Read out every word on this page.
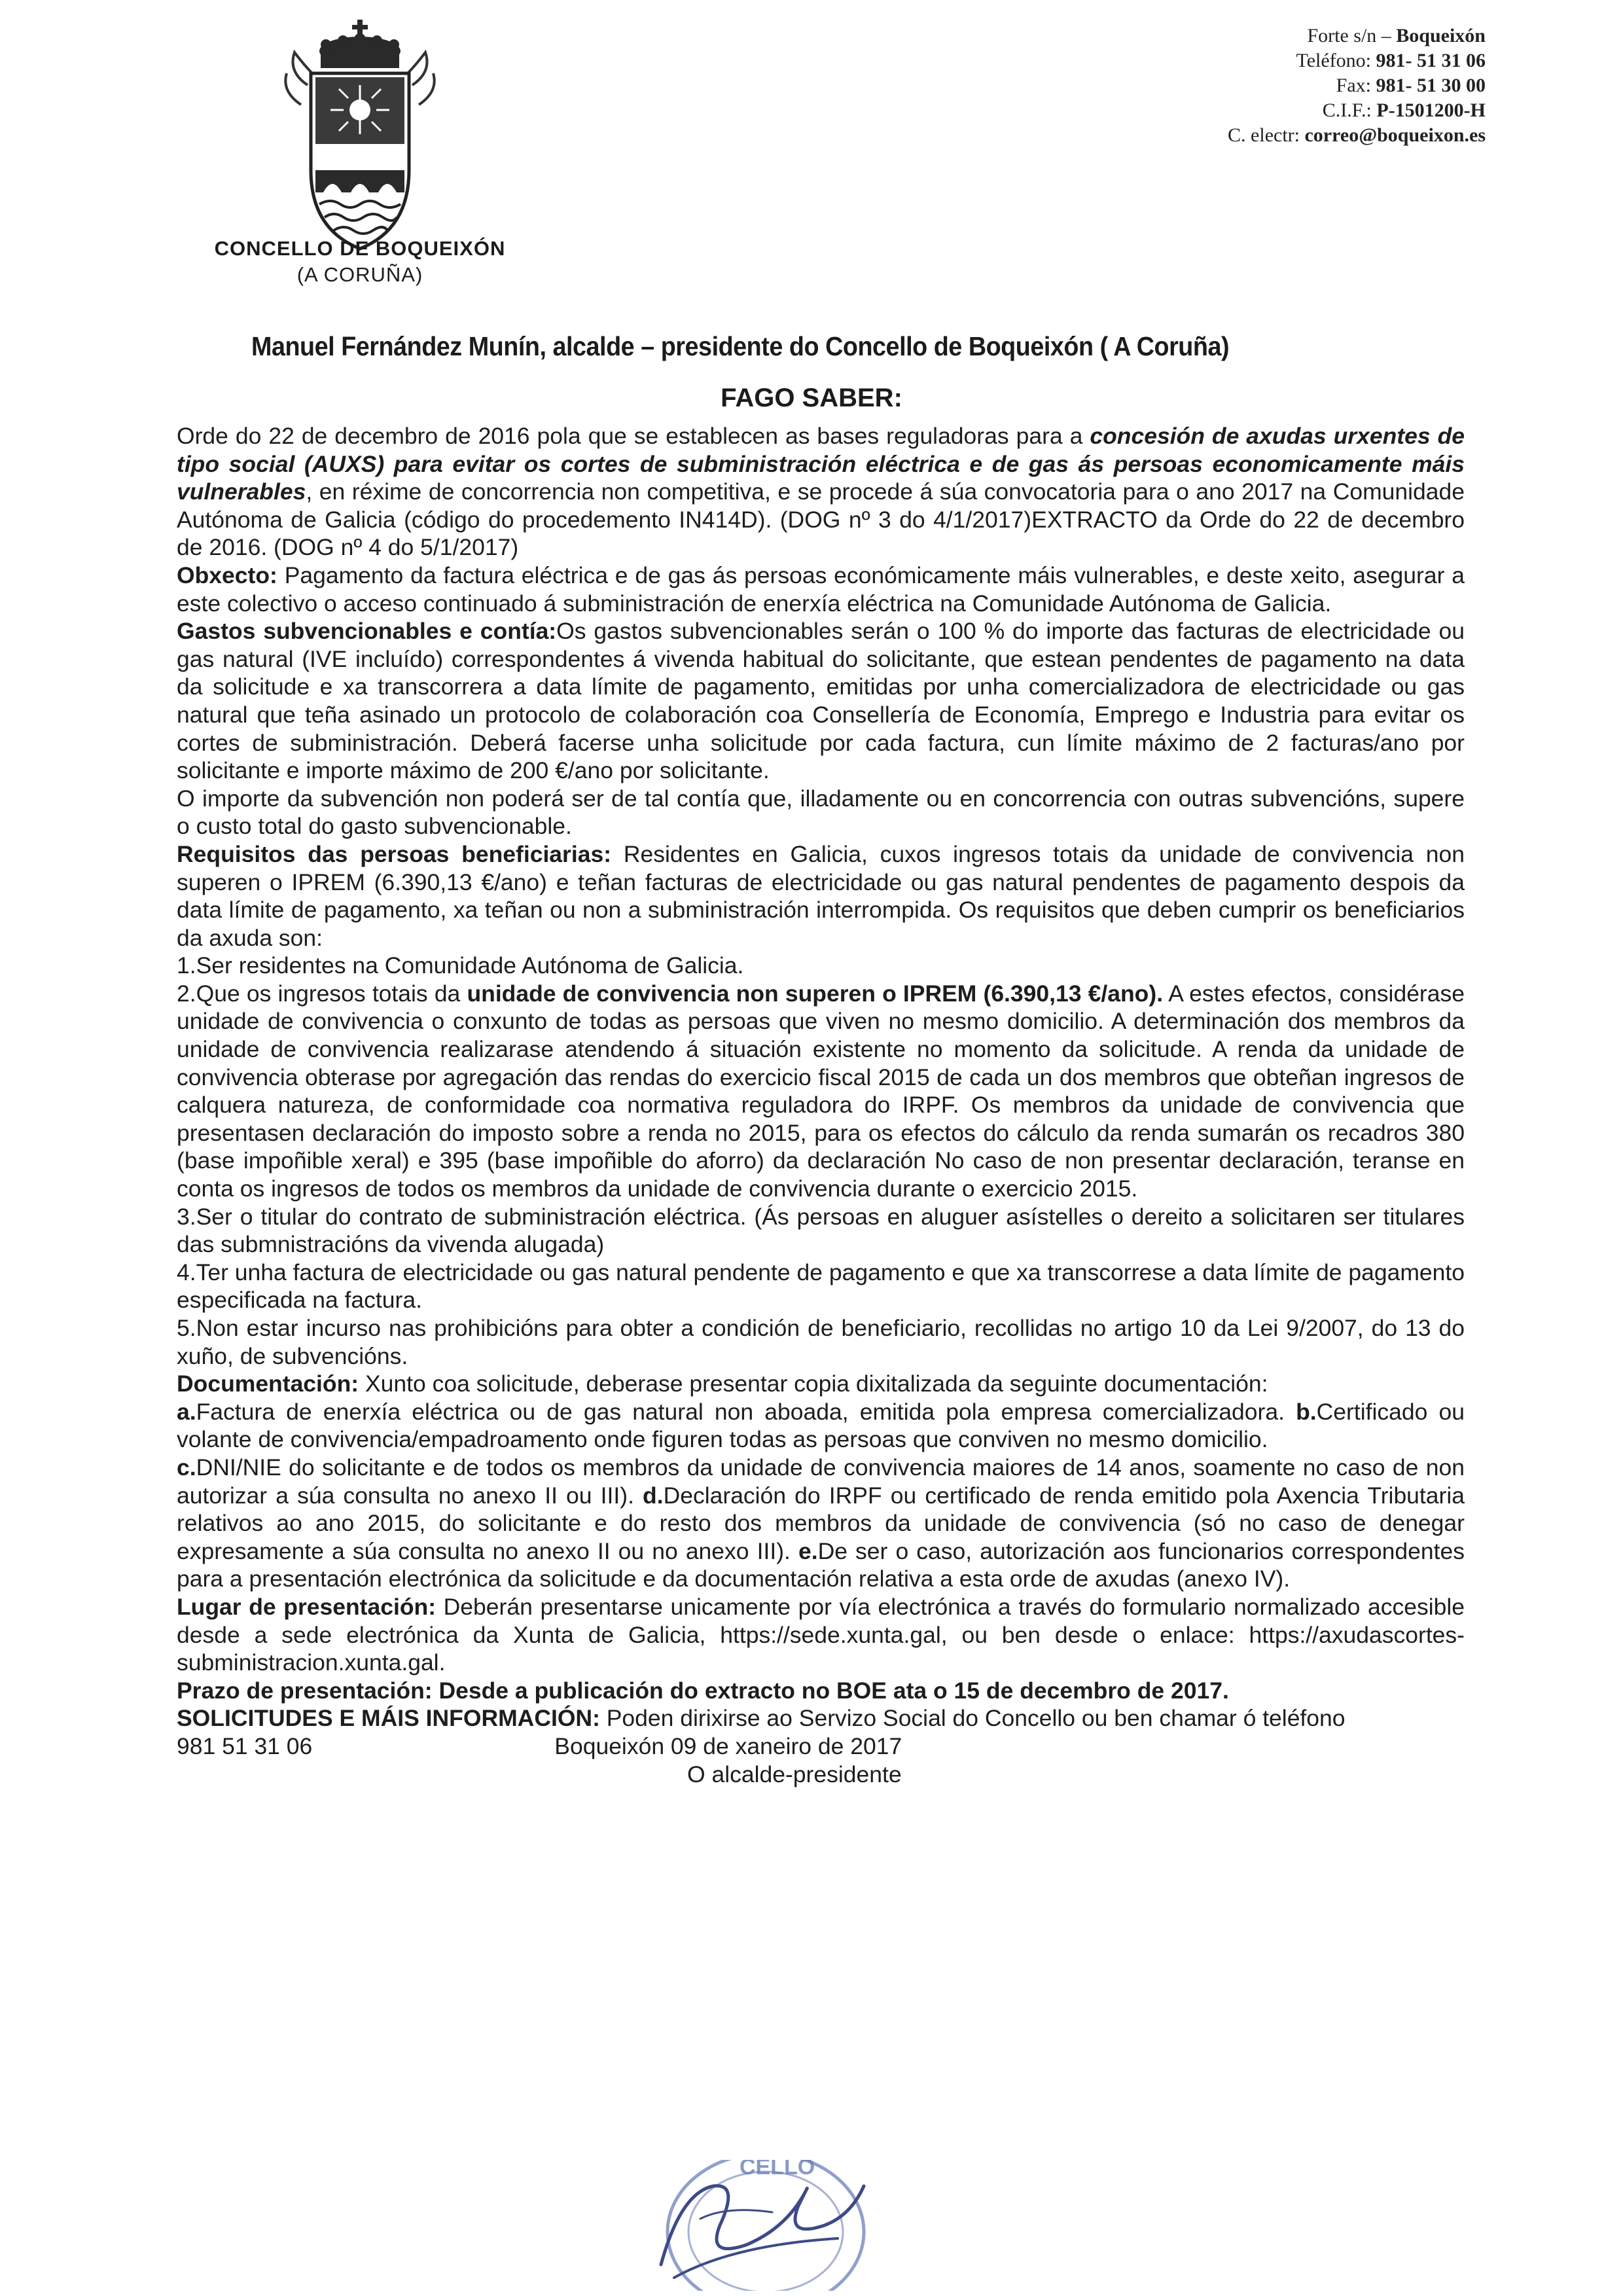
CONCELLO DE BOQUEIXÓN
(A CORUÑA)
Forte s/n – Boqueixón
Teléfono: 981- 51 31 06
Fax: 981- 51 30 00
C.I.F.: P-1501200-H
C. electr: correo@boqueixon.es
Manuel Fernández Munín, alcalde – presidente do Concello de Boqueixón ( A Coruña)
FAGO SABER:

Orde do 22 de decembro de 2016 pola que se establecen as bases reguladoras para a concesión de axudas urxentes de tipo social (AUXS) para evitar os cortes de subministración eléctrica e de gas ás persoas economicamente máis vulnerables, en réxime de concorrencia non competitiva, e se procede á súa convocatoria para o ano 2017 na Comunidade Autónoma de Galicia (código do procedemento IN414D). (DOG nº 3 do 4/1/2017)EXTRACTO da Orde do 22 de decembro de 2016. (DOG nº 4 do 5/1/2017)

Obxecto: Pagamento da factura eléctrica e de gas ás persoas económicamente máis vulnerables, e deste xeito, asegurar a este colectivo o acceso continuado á subministración de enerxía eléctrica na Comunidade Autónoma de Galicia.

Gastos subvencionables e contía:Os gastos subvencionables serán o 100 % do importe das facturas de electricidade ou gas natural (IVE incluído) correspondentes á vivenda habitual do solicitante, que estean pendentes de pagamento na data da solicitude e xa transcorrera a data límite de pagamento, emitidas por unha comercializadora de electricidade ou gas natural que teña asinado un protocolo de colaboración coa Consellería de Economía, Emprego e Industria para evitar os cortes de subministración. Deberá facerse unha solicitude por cada factura, cun límite máximo de 2 facturas/ano por solicitante e importe máximo de 200 €/ano por solicitante.

O importe da subvención non poderá ser de tal contía que, illadamente ou en concorrencia con outras subvencións, supere o custo total do gasto subvencionable.

Requisitos das persoas beneficiarias: Residentes en Galicia, cuxos ingresos totais da unidade de convivencia non superen o IPREM (6.390,13 €/ano) e teñan facturas de electricidade ou gas natural pendentes de pagamento despois da data límite de pagamento, xa teñan ou non a subministración interrompida. Os requisitos que deben cumprir os beneficiarios da axuda son:

1.Ser residentes na Comunidade Autónoma de Galicia.

2.Que os ingresos totais da unidade de convivencia non superen o IPREM (6.390,13 €/ano). A estes efectos, considérase unidade de convivencia o conxunto de todas as persoas que viven no mesmo domicilio. A determinación dos membros da unidade de convivencia realizarase atendendo á situación existente no momento da solicitude. A renda da unidade de convivencia obterase por agregación das rendas do exercicio fiscal 2015 de cada un dos membros que obteñan ingresos de calquera natureza, de conformidade coa normativa reguladora do IRPF. Os membros da unidade de convivencia que presentasen declaración do imposto sobre a renda no 2015, para os efectos do cálculo da renda sumarán os recadros 380 (base impoñible xeral) e 395 (base impoñible do aforro) da declaración No caso de non presentar declaración, teranse en conta os ingresos de todos os membros da unidade de convivencia durante o exercicio 2015.

3.Ser o titular do contrato de subministración eléctrica. (Ás persoas en aluguer asístelles o dereito a solicitaren ser titulares das submnistracións da vivenda alugada)

4.Ter unha factura de electricidade ou gas natural pendente de pagamento e que xa transcorrese a data límite de pagamento especificada na factura.

5.Non estar incurso nas prohibicións para obter a condición de beneficiario, recollidas no artigo 10 da Lei 9/2007, do 13 do xuño, de subvencións.

Documentación: Xunto coa solicitude, deberase presentar copia dixitalizada da seguinte documentación:

a.Factura de enerxía eléctrica ou de gas natural non aboada, emitida pola empresa comercializadora. b.Certificado ou volante de convivencia/empadroamento onde figuren todas as persoas que conviven no mesmo domicilio.

c.DNI/NIE do solicitante e de todos os membros da unidade de convivencia maiores de 14 anos, soamente no caso de non autorizar a súa consulta no anexo II ou III). d.Declaración do IRPF ou certificado de renda emitido pola Axencia Tributaria relativos ao ano 2015, do solicitante e do resto dos membros da unidade de convivencia (só no caso de denegar expresamente a súa consulta no anexo II ou no anexo III). e.De ser o caso, autorización aos funcionarios correspondentes para a presentación electrónica da solicitude e da documentación relativa a esta orde de axudas (anexo IV).

Lugar de presentación: Deberán presentarse unicamente por vía electrónica a través do formulario normalizado accesible desde a sede electrónica da Xunta de Galicia, https://sede.xunta.gal, ou ben desde o enlace: https://axudascortes-subministracion.xunta.gal.

Prazo de presentación: Desde a publicación do extracto no BOE ata o 15 de decembro de 2017.

SOLICITUDES E MÁIS INFORMACIÓN: Poden dirixirse ao Servizo Social do Concello ou ben chamar ó teléfono

981 51 31 06	Boqueixón 09 de xaneiro de 2017

O alcalde-presidente

CELLO
